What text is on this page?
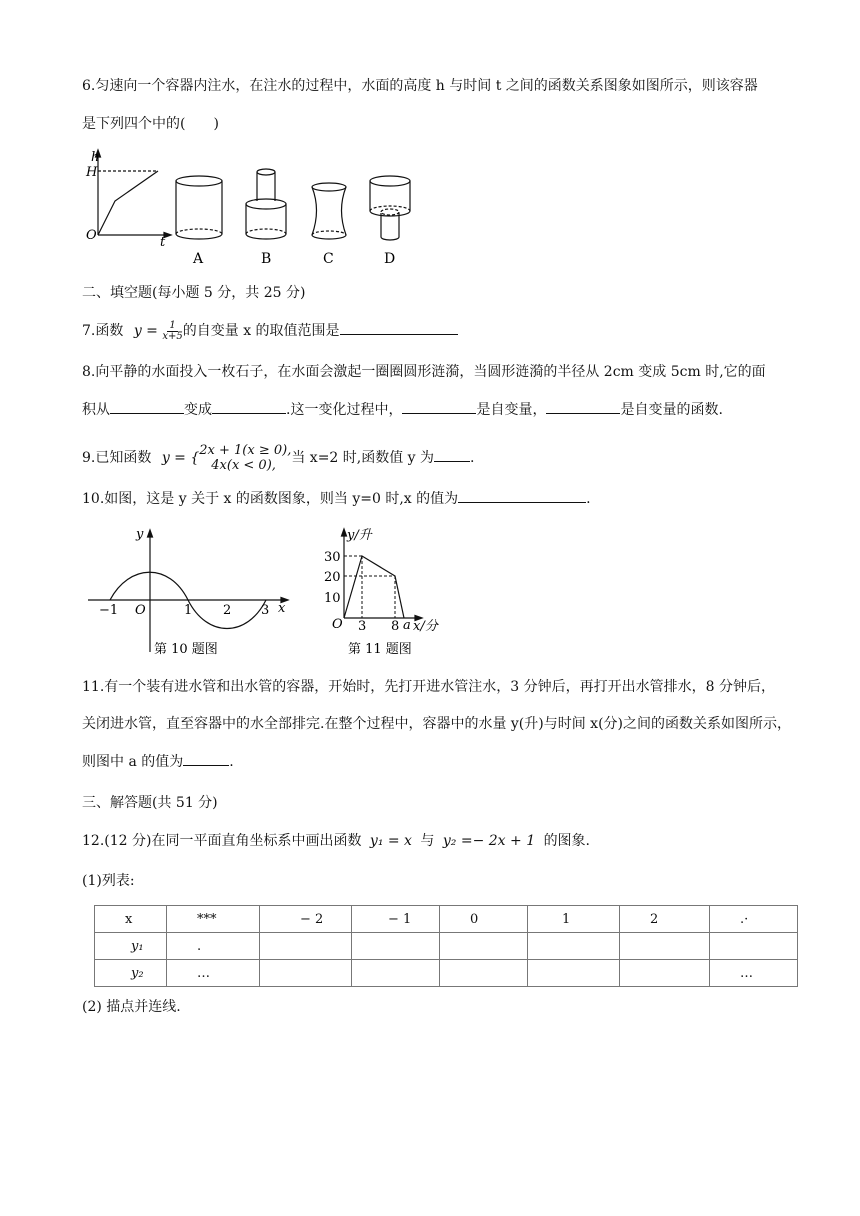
6.匀速向一个容器内注水，在注水的过程中，水面的高度 h 与时间 t 之间的函数关系图象如图所示，则该容器
是下列四个中的(　　)
h
H
t
O
A	B	C	D
二、填空题(每小题 5 分，共 25 分)
7.函数 $y = \frac{1}{x+5}$ 的自变量 x 的取值范围是
8.向平静的水面投入一枚石子，在水面会激起一圈圈圆形涟漪，当圆形涟漪的半径从 2cm 变成 5cm 时,它的面
积从	变成	.这一变化过程中，	是自变量，	是自变量的函数.
9.已知函数 y = { 2x + 1(x ≥ 0),
4x(x < 0),	当 x=2 时,函数值 y 为	.
10.如图，这是 y 关于 x 的函数图象，则当 y=0 时,x 的值为	.
y
x
O
−1	1 2 3
第 10 题图
y/升
30
20
10
O 3 8 a x/分
第 11 题图
11.有一个装有进水管和出水管的容器，开始时，先打开进水管注水，3 分钟后，再打开出水管排水，8 分钟后，
关闭进水管，直至容器中的水全部排完.在整个过程中，容器中的水量 y(升)与时间 x(分)之间的函数关系如图所示，
则图中 a 的值为	.
三、解答题(共 51 分)
12.(12 分)在同一平面直角坐标系中画出函数 y₁ = x 与 y₂ =− 2x + 1 的图象.
(1)列表:
x	***	− 2	− 1	0	1	2	.·
y₁	.						
y₂	…						…
(2) 描点并连线.
